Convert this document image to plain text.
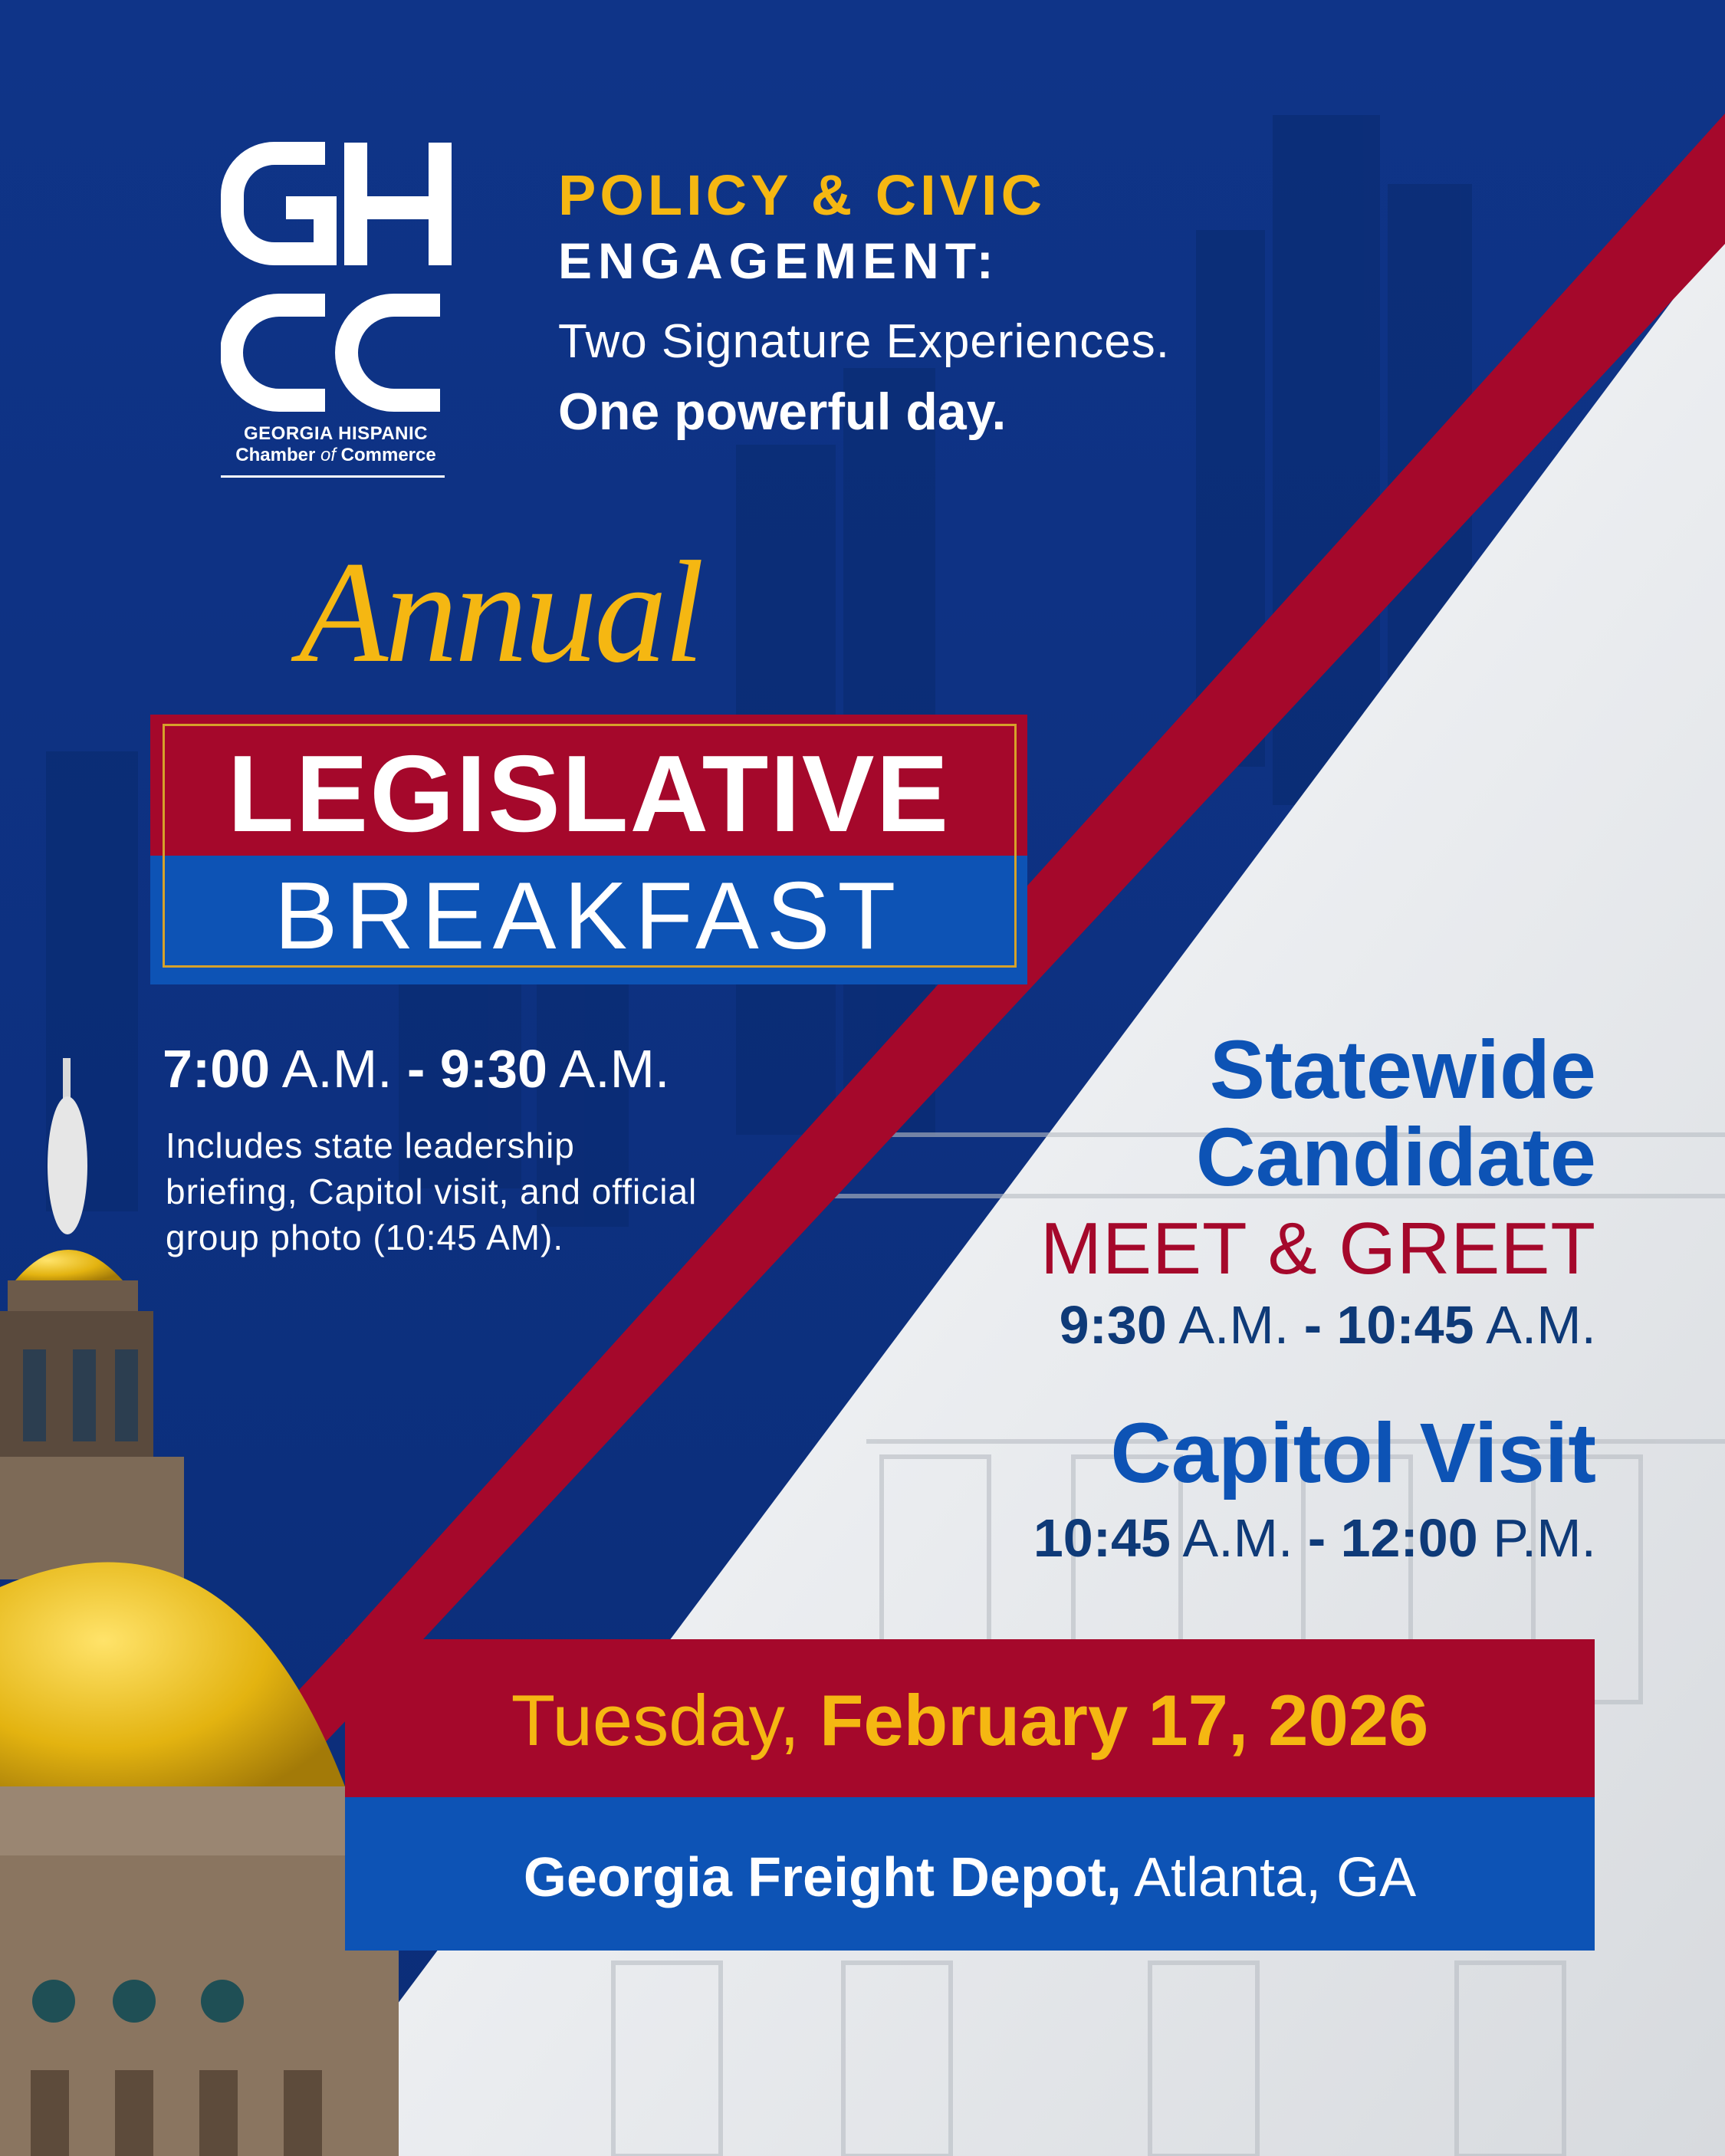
GEORGIA HISPANIC
Chamber of Commerce
POLICY & CIVIC
ENGAGEMENT:
Two Signature Experiences.
One powerful day.
Annual
LEGISLATIVE
BREAKFAST
7:00 A.M. - 9:30 A.M.
Includes state leadership briefing, Capitol visit, and official group photo (10:45 AM).
Statewide
Candidate
MEET & GREET
9:30 A.M. - 10:45 A.M.
Capitol Visit
10:45 A.M. - 12:00 P.M.
Tuesday, February 17, 2026
Georgia Freight Depot, Atlanta, GA
